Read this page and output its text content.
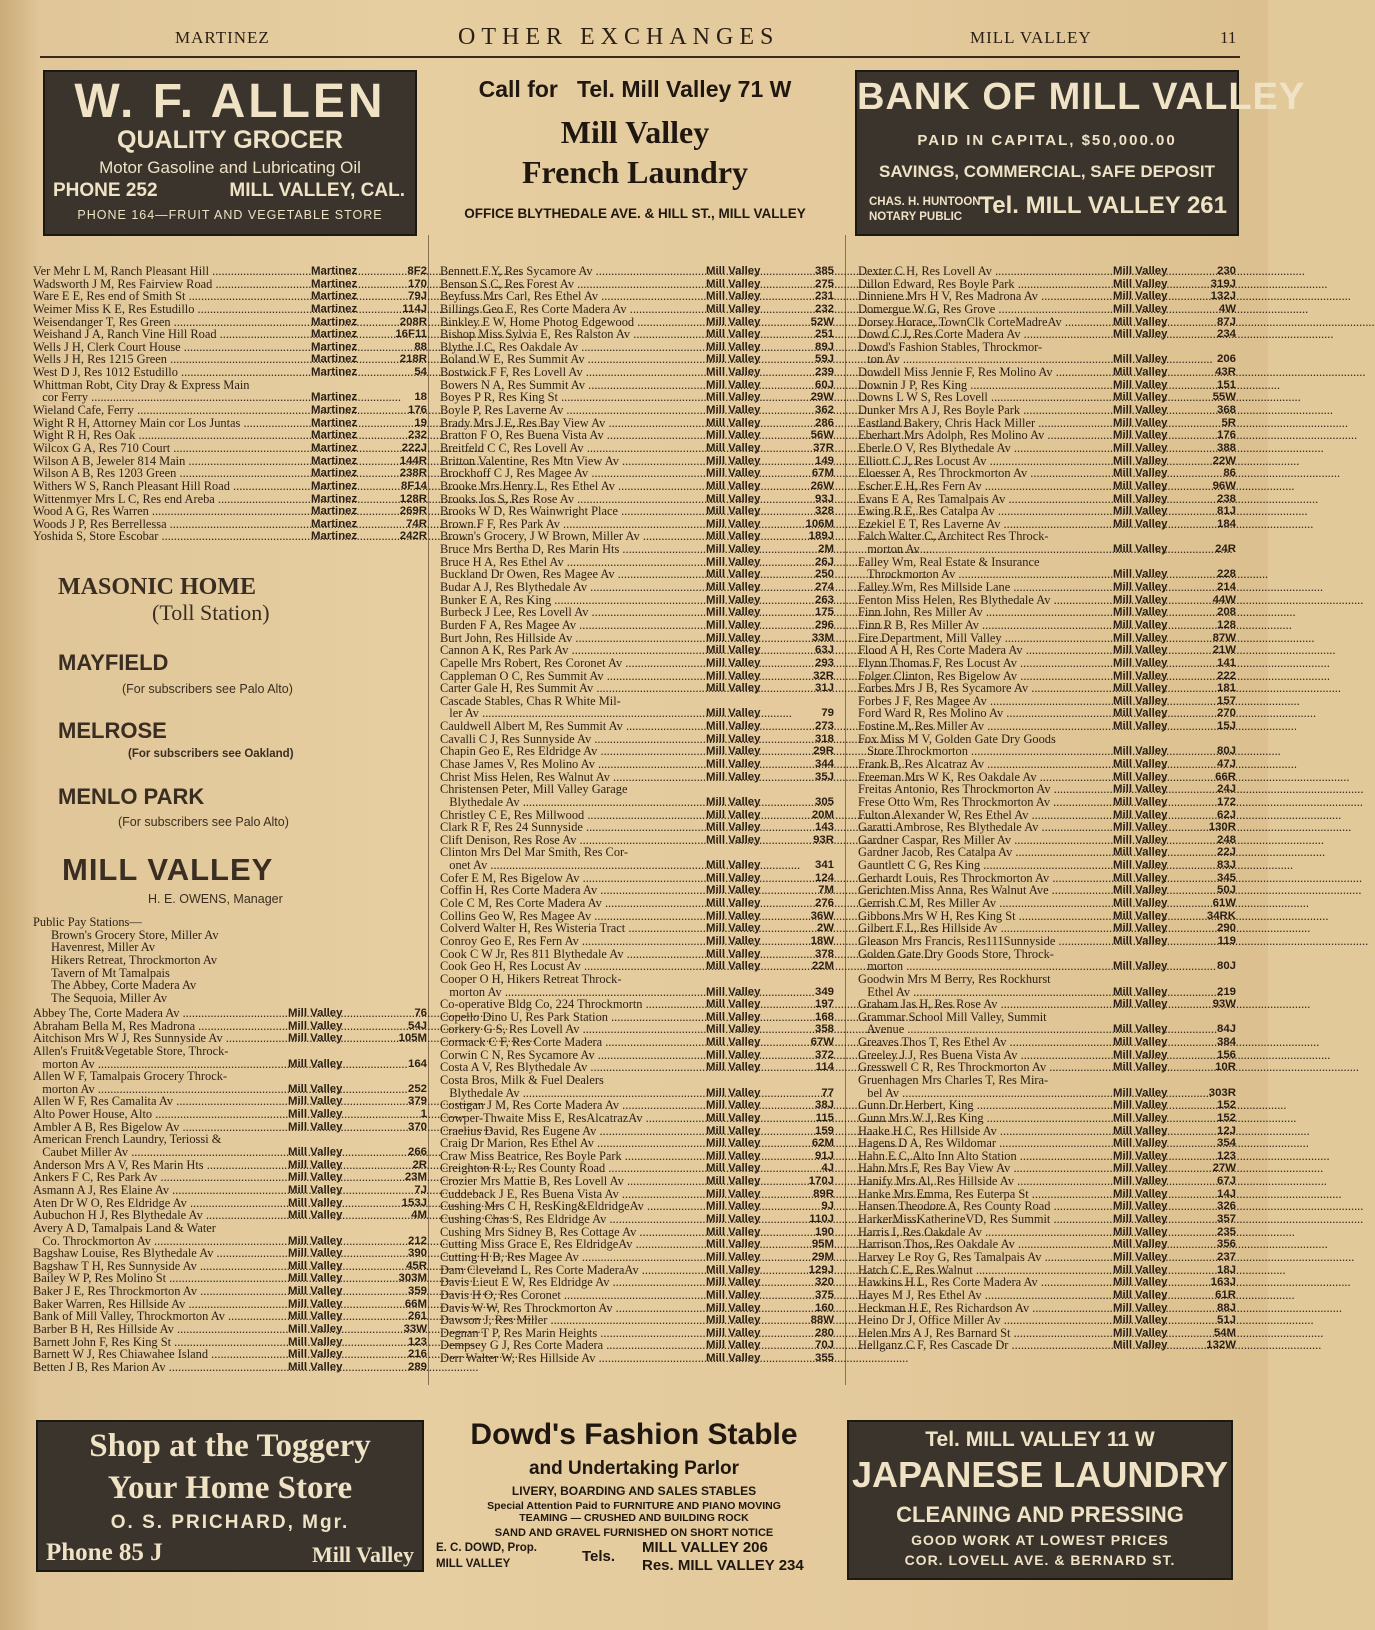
MARTINEZ	OTHER EXCHANGES	MILL VALLEY	11
W. F. ALLEN
QUALITY GROCER
Motor Gasoline and Lubricating Oil
PHONE 252	MILL VALLEY, CAL.
PHONE 164—FRUIT AND VEGETABLE STORE
Call for   Tel. Mill Valley 71 W
Mill Valley
French Laundry
OFFICE BLYTHEDALE AVE. & HILL ST., MILL VALLEY
BANK OF MILL VALLEY
PAID IN CAPITAL, $50,000.00
SAVINGS, COMMERCIAL, SAFE DEPOSIT
CHAS. H. HUNTOON
NOTARY PUBLIC Tel. MILL VALLEY 261
Ver Mehr L M, Ranch Pleasant Hill .....	Martinez	8F2
Wadsworth J M, Res Fairview Road .....	Martinez	170
Ware E E, Res end of Smith St .....	Martinez	79J
Weimer Miss K E, Res Estudillo .....	Martinez	114J
Weisendanger T, Res Green .....	Martinez	208R
Weishand J A, Ranch Vine Hill Road .....	Martinez	16F11
Wells J H, Clerk Court House .....	Martinez	88
Wells J H, Res 1215 Green .....	Martinez	218R
West D J, Res 1012 Estudillo .....	Martinez	54
Whittman Robt, City Dray & Express Main
cor Ferry .....	Martinez	18
Wieland Cafe, Ferry .....	Martinez	176
Wight R H, Attorney Main cor Los Juntas .....	Martinez	19
Wight R H, Res Oak .....	Martinez	232
Wilcox G A, Res 710 Court .....	Martinez	222J
Wilson A B, Jeweler 814 Main .....	Martinez	144R
Wilson A B, Res 1203 Green .....	Martinez	238R
Withers W S, Ranch Pleasant Hill Road .....	Martinez	8F14
Wittenmyer Mrs L C, Res end Areba .....	Martinez	128R
Wood A G, Res Warren .....	Martinez	269R
Woods J P, Res Berrellessa .....	Martinez	74R
Yoshida S, Store Escobar .....	Martinez	242R
MASONIC HOME
(Toll Station)
MAYFIELD
(For subscribers see Palo Alto)
MELROSE
(For subscribers see Oakland)
MENLO PARK
(For subscribers see Palo Alto)
MILL VALLEY
H. E. OWENS, Manager
Public Pay Stations—
Brown's Grocery Store, Miller Av
Havenrest, Miller Av
Hikers Retreat, Throckmorton Av
Tavern of Mt Tamalpais
The Abbey, Corte Madera Av
The Sequoia, Miller Av
Abbey The, Corte Madera Av .....	Mill Valley	76
Abraham Bella M, Res Madrona .....	Mill Valley	54J
Aitchison Mrs W J, Res Sunnyside Av .....	Mill Valley	105M
Allen's Fruit&Vegetable Store, Throck-
morton Av .....	Mill Valley	164
Allen W F, Tamalpais Grocery Throck-
morton Av .....	Mill Valley	252
Allen W F, Res Camalita Av .....	Mill Valley	379
Alto Power House, Alto .....	Mill Valley	1
Ambler A B, Res Bigelow Av .....	Mill Valley	370
American French Laundry, Teriossi &
Caubet Miller Av .....	Mill Valley	266
Anderson Mrs A V, Res Marin Hts .....	Mill Valley	2R
Ankers F C, Res Park Av .....	Mill Valley	23M
Asmann A J, Res Elaine Av .....	Mill Valley	7J
Aten Dr W O, Res Eldridge Av .....	Mill Valley	153J
Aubuchon H J, Res Blythedale Av .....	Mill Valley	4M
Avery A D, Tamalpais Land & Water
Co. Throckmorton Av .....	Mill Valley	212
Bagshaw Louise, Res Blythedale Av .....	Mill Valley	390
Bagshaw T H, Res Sunnyside Av .....	Mill Valley	45R
Bailey W P, Res Molino St .....	Mill Valley	303M
Baker J E, Res Throckmorton Av .....	Mill Valley	359
Baker Warren, Res Hillside Av .....	Mill Valley	66M
Bank of Mill Valley, Throckmorton Av .....	Mill Valley	261
Barber B H, Res Hillside Av .....	Mill Valley	33W
Barnett John F, Res King St .....	Mill Valley	123
Barnett W J, Res Chiawahee Island .....	Mill Valley	216
Betten J B, Res Marion Av .....	Mill Valley	289
Bennett F Y, Res Sycamore Av .....	Mill Valley	385
Benson S C, Res Forest Av .....	Mill Valley	275
Beyfuss Mrs Carl, Res Ethel Av .....	Mill Valley	231
Billings Geo E, Res Corte Madera Av .....	Mill Valley	232
Binkley E W, Home Photog Edgewood .....	Mill Valley	52W
Bishop Miss Sylvia E, Res Ralston Av .....	Mill Valley	251
Blythe J C, Res Oakdale Av .....	Mill Valley	89J
Boland W E, Res Summit Av .....	Mill Valley	59J
Bostwick F F, Res Lovell Av .....	Mill Valley	239
Bowers N A, Res Summit Av .....	Mill Valley	60J
Boyes P R, Res King St .....	Mill Valley	29W
Boyle P, Res Laverne Av .....	Mill Valley	362
Brady Mrs J E, Res Bay View Av .....	Mill Valley	286
Bratton F O, Res Buena Vista Av .....	Mill Valley	56W
Breitfeld C C, Res Lovell Av .....	Mill Valley	37R
Britton Valentine, Res Mtn View Av .....	Mill Valley	149
Brockhoff C J, Res Magee Av .....	Mill Valley	67M
Brooke Mrs Henry L, Res Ethel Av .....	Mill Valley	26W
Brooks Jos S, Res Rose Av .....	Mill Valley	93J
Brooks W D, Res Wainwright Place .....	Mill Valley	328
Brown F F, Res Park Av .....	Mill Valley	106M
Brown's Grocery, J W Brown, Miller Av .....	Mill Valley	189J
Bruce Mrs Bertha D, Res Marin Hts .....	Mill Valley	2M
Bruce H A, Res Ethel Av .....	Mill Valley	26J
Buckland Dr Owen, Res Magee Av .....	Mill Valley	250
Budar A J, Res Blythedale Av .....	Mill Valley	274
Bunker E A, Res King .....	Mill Valley	263
Burbeck J Lee, Res Lovell Av .....	Mill Valley	175
Burden F A, Res Magee Av .....	Mill Valley	296
Burt John, Res Hillside Av .....	Mill Valley	33M
Cannon A K, Res Park Av .....	Mill Valley	63J
Capelle Mrs Robert, Res Coronet Av .....	Mill Valley	293
Cappleman O C, Res Summit Av .....	Mill Valley	32R
Carter Gale H, Res Summit Av .....	Mill Valley	31J
Cascade Stables, Chas R White Mil-
ler Av .....	Mill Valley	79
Cauldwell Albert M, Res Summit Av .....	Mill Valley	273
Cavalli C J, Res Sunnyside Av .....	Mill Valley	318
Chapin Geo E, Res Eldridge Av .....	Mill Valley	29R
Chase James V, Res Molino Av .....	Mill Valley	344
Christ Miss Helen, Res Walnut Av .....	Mill Valley	35J
Christensen Peter, Mill Valley Garage
Blythedale Av .....	Mill Valley	305
Christley C E, Res Millwood .....	Mill Valley	20M
Clark R F, Res 24 Sunnyside .....	Mill Valley	143
Clift Denison, Res Rose Av .....	Mill Valley	93R
Clinton Mrs Del Mar Smith, Res Cor-
onet Av .....	Mill Valley	341
Cofer E M, Res Bigelow Av .....	Mill Valley	124
Coffin H, Res Corte Madera Av .....	Mill Valley	7M
Cole C M, Res Corte Madera Av .....	Mill Valley	276
Collins Geo W, Res Magee Av .....	Mill Valley	36W
Colverd Walter H, Res Wisteria Tract .....	Mill Valley	2W
Conroy Geo E, Res Fern Av .....	Mill Valley	18W
Cook C W Jr, Res 811 Blythedale Av .....	Mill Valley	378
Cook Geo H, Res Locust Av .....	Mill Valley	22M
Cooper O H, Hikers Retreat Throck-
morton Av .....	Mill Valley	349
Co-operative Bldg Co, 224 Throckmortn .....	Mill Valley	197
Copello Dino U, Res Park Station .....	Mill Valley	168
Corkery G S, Res Lovell Av .....	Mill Valley	358
Cormack C F, Res Corte Madera .....	Mill Valley	67W
Corwin C N, Res Sycamore Av .....	Mill Valley	372
Costa A V, Res Blythedale Av .....	Mill Valley	114
Costa Bros, Milk & Fuel Dealers
Blythedale Av .....	Mill Valley	77
Costigan J M, Res Corte Madera Av .....	Mill Valley	38J
Cowper-Thwaite Miss E, ResAlcatrazAv .....	Mill Valley	115
Craelius David, Res Eugene Av .....	Mill Valley	159
Craig Dr Marion, Res Ethel Av .....	Mill Valley	62M
Craw Miss Beatrice, Res Boyle Park .....	Mill Valley	91J
Creighton R L, Res County Road .....	Mill Valley	4J
Crozier Mrs Mattie B, Res Lovell Av .....	Mill Valley	170J
Cuddeback J E, Res Buena Vista Av .....	Mill Valley	89R
Cushing Mrs C H, ResKing&EldridgeAv .....	Mill Valley	9J
Cushing Chas S, Res Eldridge Av .....	Mill Valley	110J
Cushing Mrs Sidney B, Res Cottage Av .....	Mill Valley	190
Cutting Miss Grace E, Res EldridgeAv .....	Mill Valley	95M
Cutting H B, Res Magee Av .....	Mill Valley	29M
Dam Cleveland L, Res Corte MaderaAv .....	Mill Valley	129J
Davis Lieut E W, Res Eldridge Av .....	Mill Valley	320
Davis H O, Res Coronet .....	Mill Valley	375
Davis W W, Res Throckmorton Av .....	Mill Valley	160
Dawson J, Res Miller .....	Mill Valley	88W
Degnan T P, Res Marin Heights .....	Mill Valley	280
Dempsey G J, Res Corte Madera .....	Mill Valley	70J
Derr Walter W, Res Hillside Av .....	Mill Valley	355
Dexter C H, Res Lovell Av .....	Mill Valley	230
Dillon Edward, Res Boyle Park .....	Mill Valley	319J
Dinniene Mrs H V, Res Madrona Av .....	Mill Valley	132J
Domergue W G, Res Grove .....	Mill Valley	4W
Dorsey Horace, TownClk CorteMadreAv .....	Mill Valley	87J
Dowd C J, Res Corte Madera Av .....	Mill Valley	234
Dowd's Fashion Stables, Throckmor-
ton Av .....	Mill Valley	206
Dowdell Miss Jennie F, Res Molino Av .....	Mill Valley	43R
Downin J P, Res King .....	Mill Valley	151
Downs L W S, Res Lovell .....	Mill Valley	55W
Dunker Mrs A J, Res Boyle Park .....	Mill Valley	368
Eastland Bakery, Chris Hack Miller .....	Mill Valley	5R
Eberhart Mrs Adolph, Res Molino Av .....	Mill Valley	176
Eberle O V, Res Blythedale Av .....	Mill Valley	388
Elliott C J, Res Locust Av .....	Mill Valley	22W
Eloesser A, Res Throckmorton Av .....	Mill Valley	86
Escher E H, Res Fern Av .....	Mill Valley	96W
Evans E A, Res Tamalpais Av .....	Mill Valley	238
Ewing R E, Res Catalpa Av .....	Mill Valley	81J
Ezekiel E T, Res Laverne Av .....	Mill Valley	184
Falch Walter C, Architect Res Throck-
morton Av .....	Mill Valley	24R
Falley Wm, Real Estate & Insurance
Throckmorton Av .....	Mill Valley	228
Falley Wm, Res Millside Lane .....	Mill Valley	214
Fenton Miss Helen, Res Blythedale Av .....	Mill Valley	44W
Finn John, Res Miller Av .....	Mill Valley	208
Finn R B, Res Miller Av .....	Mill Valley	128
Fire Department, Mill Valley .....	Mill Valley	87W
Flood A H, Res Corte Madera Av .....	Mill Valley	21W
Flynn Thomas F, Res Locust Av .....	Mill Valley	141
Folger Clinton, Res Bigelow Av .....	Mill Valley	222
Forbes Mrs J B, Res Sycamore Av .....	Mill Valley	181
Forbes J F, Res Magee Av .....	Mill Valley	157
Ford Ward R, Res Molino Av .....	Mill Valley	270
Fostine M, Res Miller Av .....	Mill Valley	15J
Fox Miss M V, Golden Gate Dry Goods
Store Throckmorton .....	Mill Valley	80J
Frank B, Res Alcatraz Av .....	Mill Valley	47J
Freeman Mrs W K, Res Oakdale Av .....	Mill Valley	66R
Freitas Antonio, Res Throckmorton Av .....	Mill Valley	24J
Frese Otto Wm, Res Throckmorton Av .....	Mill Valley	172
Fulton Alexander W, Res Ethel Av .....	Mill Valley	62J
Garatti Ambrose, Res Blythedale Av .....	Mill Valley	130R
Gardner Caspar, Res Miller Av .....	Mill Valley	248
Gardner Jacob, Res Catalpa Av .....	Mill Valley	22J
Gauntlett C G, Res King .....	Mill Valley	83J
Gerhardt Louis, Res Throckmorton Av .....	Mill Valley	345
Gerichten Miss Anna, Res Walnut Ave .....	Mill Valley	50J
Gerrish C M, Res Miller Av .....	Mill Valley	61W
Gibbons Mrs W H, Res King St .....	Mill Valley	34RK
Gilbert F L, Res Hillside Av .....	Mill Valley	290
Gleason Mrs Francis, Res111Sunnyside .....	Mill Valley	119
Golden Gate Dry Goods Store, Throck-
morton .....	Mill Valley	80J
Goodwin Mrs M Berry, Res Rockhurst
Ethel Av .....	Mill Valley	219
Graham Jas H, Res Rose Av .....	Mill Valley	93W
Grammar School Mill Valley, Summit
Avenue .....	Mill Valley	84J
Greaves Thos T, Res Ethel Av .....	Mill Valley	384
Greeley J J, Res Buena Vista Av .....	Mill Valley	156
Gresswell C R, Res Throckmorton Av .....	Mill Valley	10R
Gruenhagen Mrs Charles T, Res Mira-
bel Av .....	Mill Valley	303R
Gunn Dr Herbert, King .....	Mill Valley	152
Gunn Mrs W J, Res King .....	Mill Valley	152
Haake H C, Res Hillside Av .....	Mill Valley	12J
Hagens D A, Res Wildomar .....	Mill Valley	354
Hahn E C, Alto Inn Alto Station .....	Mill Valley	123
Hahn Mrs F, Res Bay View Av .....	Mill Valley	27W
Hanify Mrs Al, Res Hillside Av .....	Mill Valley	67J
Hanke Mrs Emma, Res Euterpa St .....	Mill Valley	14J
Hansen Theodore A, Res County Road .....	Mill Valley	326
HarkerMissKatherineVD, Res Summit .....	Mill Valley	357
Harris I, Res Oakdale Av .....	Mill Valley	235
Harrison Thos, Res Oakdale Av .....	Mill Valley	356
Harvey Le Roy G, Res Tamalpais Av .....	Mill Valley	237
Hatch C E, Res Walnut .....	Mill Valley	18J
Hawkins H L, Res Corte Madera Av .....	Mill Valley	163J
Hayes M J, Res Ethel Av .....	Mill Valley	61R
Heckman H E, Res Richardson Av .....	Mill Valley	88J
Heino Dr J, Office Miller Av .....	Mill Valley	51J
Helen Mrs A J, Res Barnard St .....	Mill Valley	54M
Hellganz C F, Res Cascade Dr .....	Mill Valley	132W
Shop at the Toggery
Your Home Store
O. S. PRICHARD, Mgr.
Phone 85 J	Mill Valley
Dowd's Fashion Stable
and Undertaking Parlor
LIVERY, BOARDING AND SALES STABLES
Special Attention Paid to FURNITURE AND PIANO MOVING
TEAMING — CRUSHED AND BUILDING ROCK
SAND AND GRAVEL FURNISHED ON SHORT NOTICE
E. C. DOWD, Prop.
MILL VALLEY	Tels.
MILL VALLEY 206
Res. MILL VALLEY 234
Tel. MILL VALLEY 11 W
JAPANESE LAUNDRY
CLEANING AND PRESSING
GOOD WORK AT LOWEST PRICES
COR. LOVELL AVE. & BERNARD ST.
